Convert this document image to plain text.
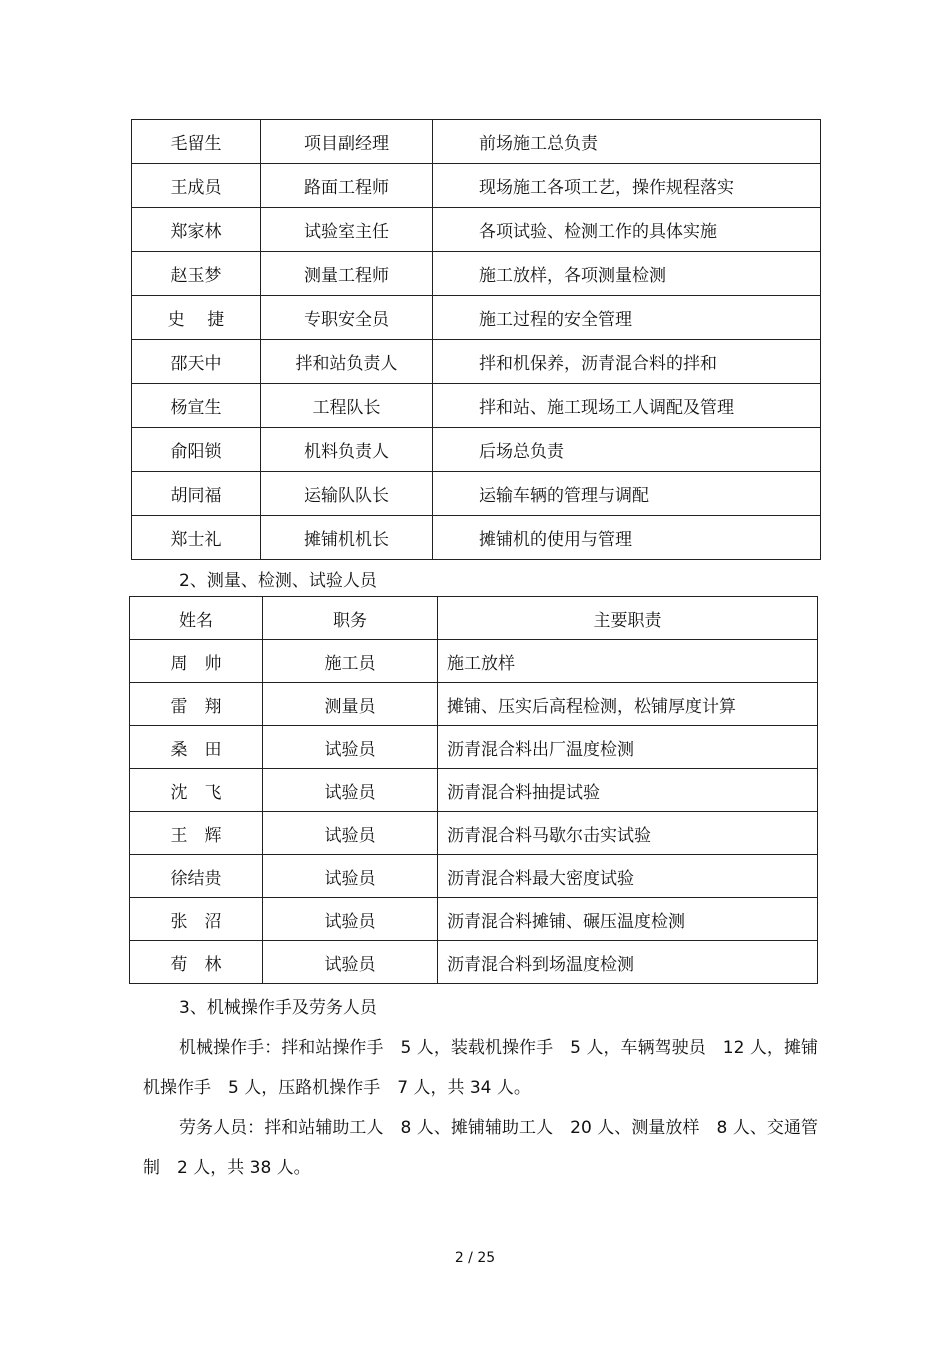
毛留生	项目副经理	前场施工总负责
王成员	路面工程师	现场施工各项工艺，操作规程落实
郑家林	试验室主任	各项试验、检测工作的具体实施
赵玉梦	测量工程师	施工放样，各项测量检测
史　 捷	专职安全员	施工过程的安全管理
邵天中	拌和站负责人	拌和机保养，沥青混合料的拌和
杨宣生	工程队长	拌和站、施工现场工人调配及管理
俞阳锁	机料负责人	后场总负责
胡同福	运输队队长	运输车辆的管理与调配
郑士礼	摊铺机机长	摊铺机的使用与管理
2、测量、检测、试验人员
姓名	职务	主要职责
周　帅	施工员	施工放样
雷　翔	测量员	摊铺、压实后高程检测，松铺厚度计算
桑　田	试验员	沥青混合料出厂温度检测
沈　飞	试验员	沥青混合料抽提试验
王　辉	试验员	沥青混合料马歇尔击实试验
徐结贵	试验员	沥青混合料最大密度试验
张　沼	试验员	沥青混合料摊铺、碾压温度检测
荀　林	试验员	沥青混合料到场温度检测

3、机械操作手及劳务人员

机械操作手：拌和站操作手　5 人，装载机操作手　5 人，车辆驾驶员　12 人，摊铺机操作手　5 人，压路机操作手　7 人，共 34 人。

劳务人员：拌和站辅助工人　8 人、摊铺辅助工人　20 人、测量放样　8 人、交通管制　2 人，共 38 人。

2 / 25
